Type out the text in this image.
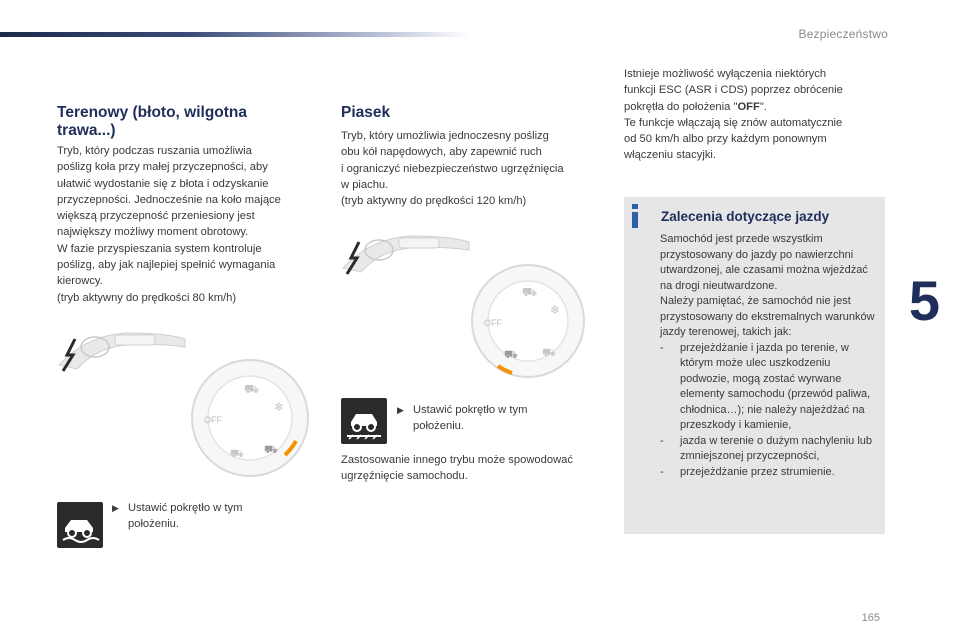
Bezpieczeństwo
5
165
Terenowy (błoto, wilgotna trawa...)

Tryb, który podczas ruszania umożliwia
poślizg koła przy małej przyczepności, aby
ułatwić wydostanie się z błota i odzyskanie
przyczepności. Jednocześnie na koło mające
większą przyczepność przeniesiony jest
największy możliwy moment obrotowy.
W fazie przyspieszania system kontroluje
poślizg, aby jak najlepiej spełnić wymagania
kierowcy.
(tryb aktywny do prędkości 80 km/h)

OFF
⛟
❄
⛟ ⛟
▶ Ustawić pokrętło w tym
położeniu.
Piasek

Tryb, który umożliwia jednoczesny poślizg
obu kół napędowych, aby zapewnić ruch
i ograniczyć niebezpieczeństwo ugrzęźnięcia
w piachu.
(tryb aktywny do prędkości 120 km/h)

OFF
⛟
❄
⛟ ⛟
▶ Ustawić pokrętło w tym
położeniu.

Zastosowanie innego trybu może spowodować
ugrzęźnięcie samochodu.

Istnieje możliwość wyłączenia niektórych
funkcji ESC (ASR i CDS) poprzez obrócenie
pokrętła do położenia "OFF".
Te funkcje włączają się znów automatycznie
od 50 km/h albo przy każdym ponownym
włączeniu stacyjki.
Zalecenia dotyczące jazdy

Samochód jest przede wszystkim przystosowany do jazdy po nawierzchni utwardzonej, ale czasami można wjeżdżać na drogi nieutwardzone.
Należy pamiętać, że samochód nie jest przystosowany do ekstremalnych warunków jazdy terenowej, takich jak:

-	przejeżdżanie i jazda po terenie, w którym może ulec uszkodzeniu podwozie, mogą zostać wyrwane elementy samochodu (przewód paliwa, chłodnica…); nie należy najeżdżać na przeszkody i kamienie,
-	jazda w terenie o dużym nachyleniu lub zmniejszonej przyczepności,
-	przejeżdżanie przez strumienie.
